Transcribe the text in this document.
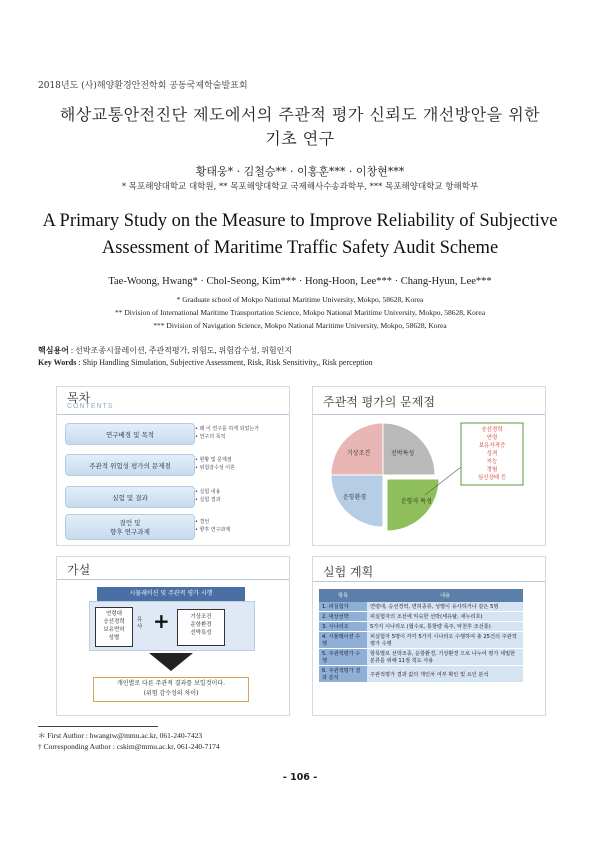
2018년도 (사)해양환경안전학회 공동국제학술발표회
해상교통안전진단 제도에서의 주관적 평가 신뢰도 개선방안을 위한
기초 연구
황태웅* · 김철승** · 이홍훈*** · 이창현***
* 목포해양대학교 대학원, ** 목포해양대학교 국제해사수송과학부, *** 목포해양대학교 항해학부
A Primary Study on the Measure to Improve Reliability of Subjective
Assessment of Maritime Traffic Safety Audit Scheme
Tae-Woong, Hwang* · Chol-Seong, Kim*** · Hong-Hoon, Lee*** · Chang-Hyun, Lee***
* Graduate school of Mokpo National Maritime University, Mokpo, 58628, Korea
** Division of International Maritime Transportation Science, Mokpo National Maritime University, Mokpo, 58628, Korea
*** Division of Navigation Science, Mokpo National Maritime University, Mokpo, 58628, Korea
핵심용어 : 선박조종시뮬레이션, 주관적평가, 위험도, 위험감수성, 위험인지
Key Words : Ship Handling Simulation, Subjective Assessment, Risk, Risk Sensitivity,, Risk perception
목차
CONTENTS
연구배경 및 목적
• 왜 이 연구를 하게 되었는가
• 연구의 목적
주관적 위험성 평가의 문제점
• 현황 및 문제점
• 위험감수성 이론
실험 및 결과
• 실험 내용
• 실험 결과
결언 및
향후 연구과제
• 결언
• 향후 연구과제
주관적 평가의 문제점
기상조건	선박특성
운항환경
운항자 특성
승선경력
연령
보유자격증
성격
지능
경험
심신상태 등
가설
시뮬레이션 및 주관적 평가 시행
연령대
승선경력
보유면허
성별
유사 +	기상조건
운항환경
선박특성
개인별로 다른 주관적 결과를 보일것이다.
(위험 감수성의 차이)
실험 계획
항목	내용
1. 피실험자	연령대, 승선경력, 면허종류, 성별이 유사하거나 같은 5명
2. 대상선박	피실험자의 조선에 익숙한 선박(세유탈, 새누리호)
3. 시나리오	5가지 시나리오 (협수로, 통항량 폭주, 악천후 조선통)
4. 시뮬레이션 수행	피실험자 5명이 각각 5가지 시나리오 수행하여 총 25건의 주관적 평가 수행
5. 주관적평가 수행	항목별로 선박조종, 운항환경, 기상환경 으로 나누어 평가 세밀한 분류를 위해 11점 척도 사용
6. 주관적평가 결과 분석	주관적평가 결과 값의 개인차 여부 확인 및 요인 분석
＊ First Author : hwangtw@mmu.ac.kr, 061-240-7423
† Corresponding Author : cskim@mmu.ac.kr, 061-240-7174
- 106 -
